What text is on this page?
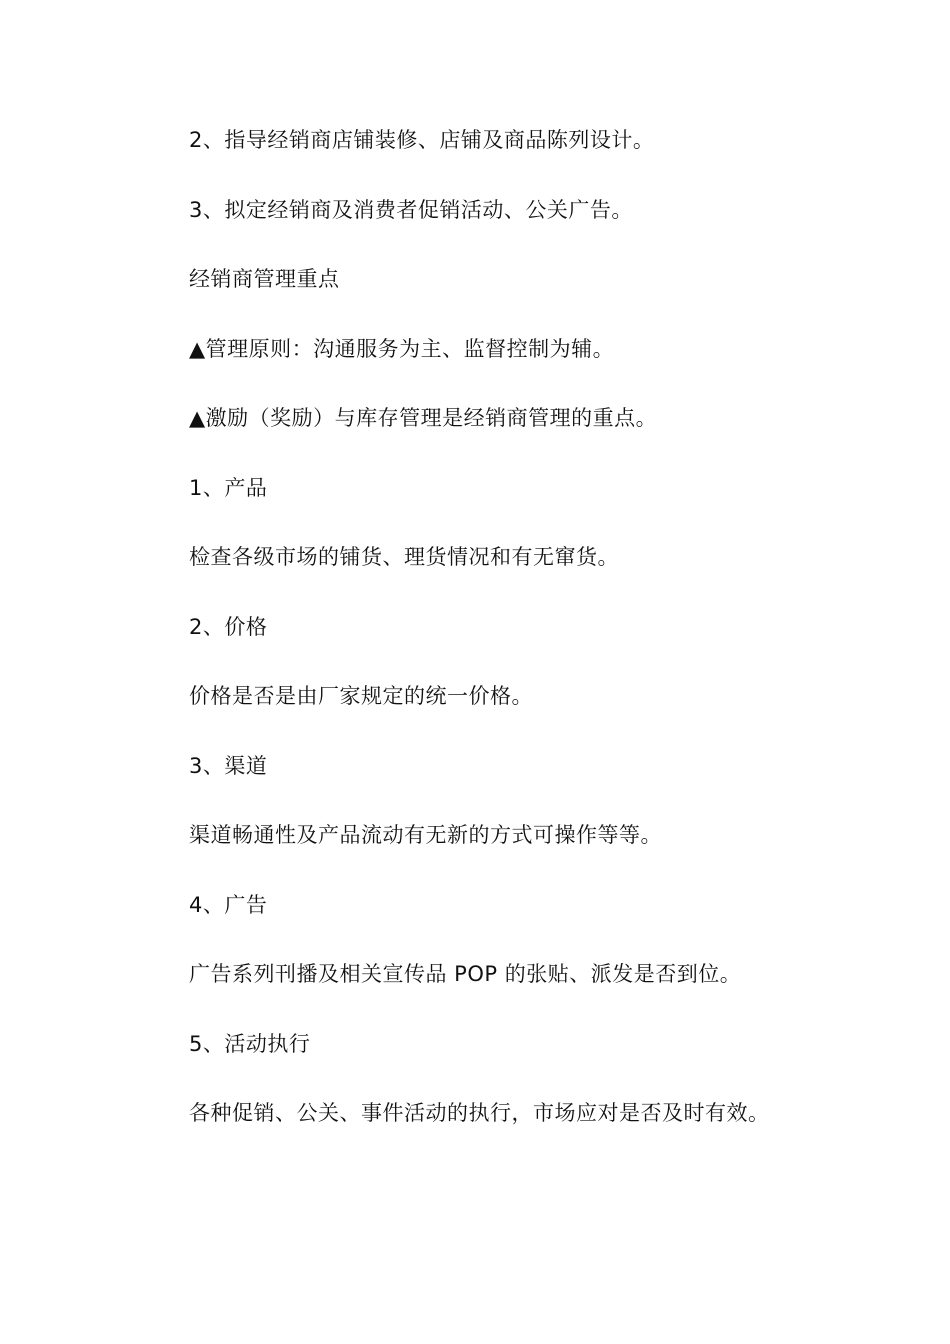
2、指导经销商店铺装修、店铺及商品陈列设计。
3、拟定经销商及消费者促销活动、公关广告。
经销商管理重点
▲管理原则：沟通服务为主、监督控制为辅。
▲激励（奖励）与库存管理是经销商管理的重点。
1、产品
检查各级市场的铺货、理货情况和有无窜货。
2、价格
价格是否是由厂家规定的统一价格。
3、渠道
渠道畅通性及产品流动有无新的方式可操作等等。
4、广告
广告系列刊播及相关宣传品 POP 的张贴、派发是否到位。
5、活动执行
各种促销、公关、事件活动的执行，市场应对是否及时有效。
